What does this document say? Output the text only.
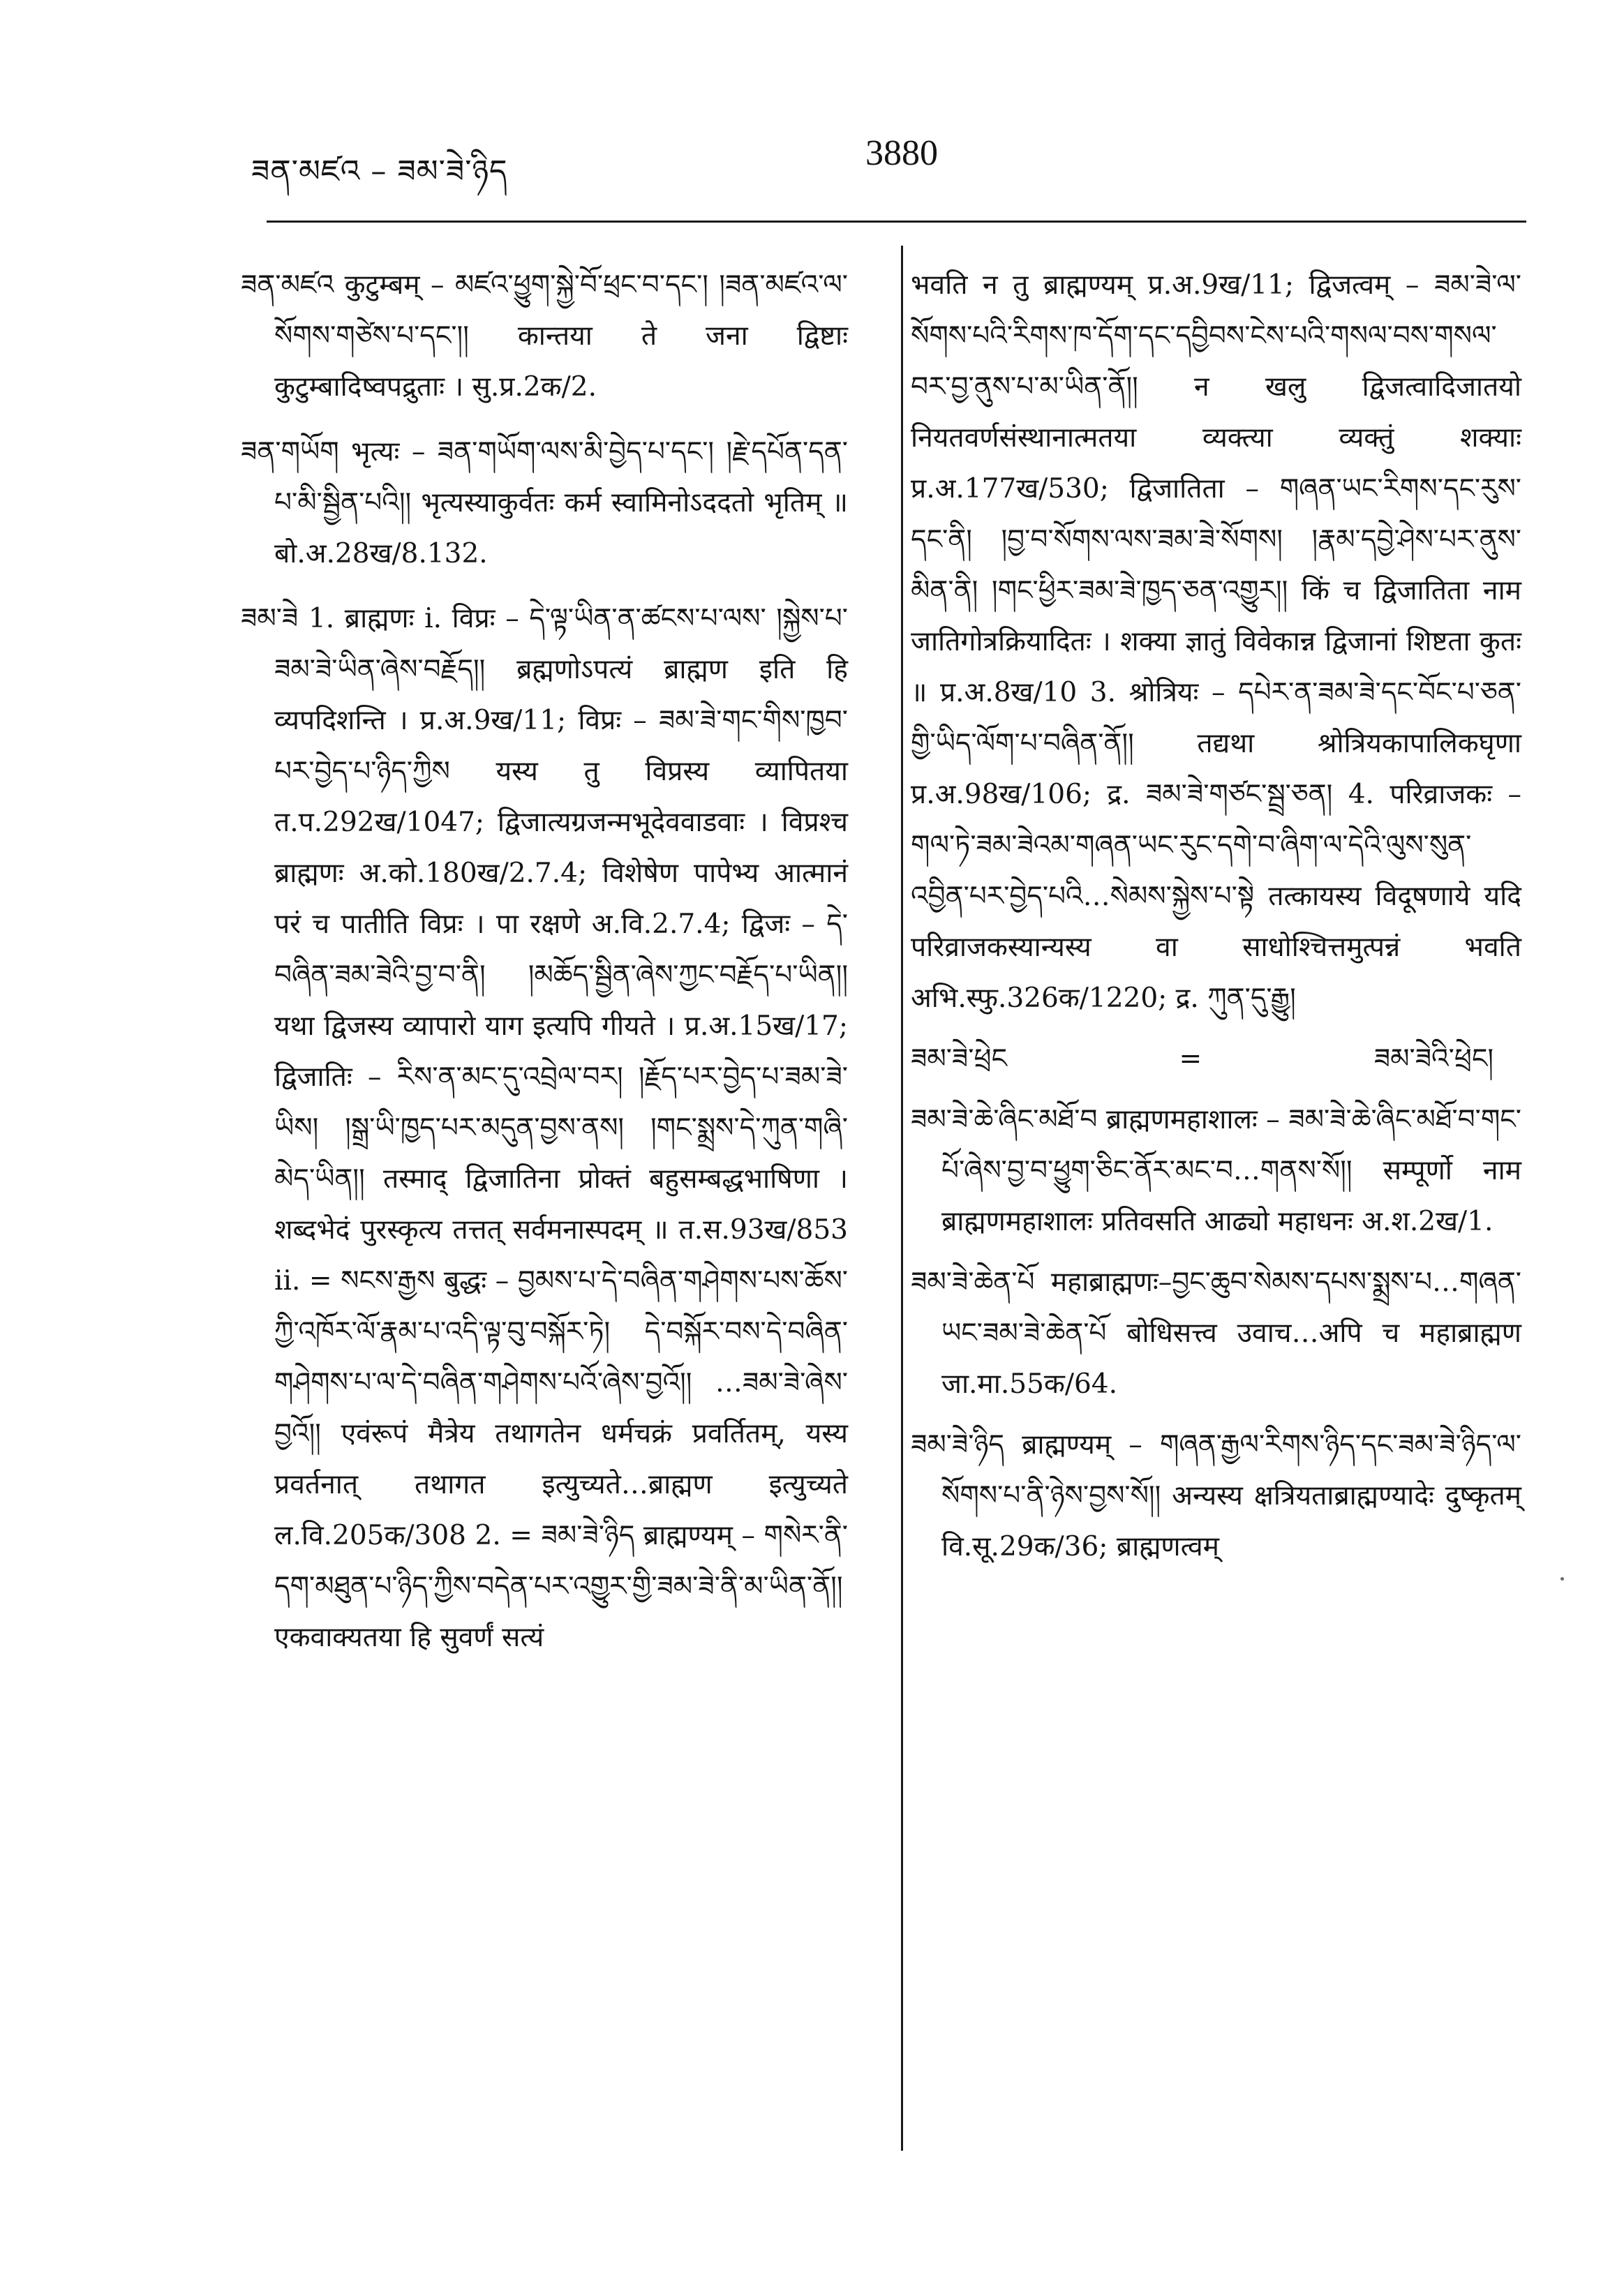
ཟན་མཛའ – ཟམ་ཟེ་ཉིད	3880

ཟན་མཛའ कुटुम्बम् – མཛའ་ཕྱུག་སྐྱེ་བོ་ཕྲང་བ་དང་། །ཟན་མཛའ་ལ་སོགས་གཙེས་པ་དང་།། कान्तया ते जना द्विष्टाः कुटुम्बादिष्वपद्रुताः । सु.प्र.2क/2.

ཟན་གཡོག भृत्यः – ཟན་གཡོག་ལས་མི་བྱེད་པ་དང་། །རྗེ་དཔོན་དན་པ་མི་སྦྱིན་པའི།། भृत्यस्याकुर्वतः कर्म स्वामिनोऽददतो भृतिम् ॥ बो.अ.28ख/8.132.

ཟམ་ཟེ 1. ब्राह्मणः i. विप्रः – དེ་ལྟ་ཡིན་ན་ཚངས་པ་ལས་ །སྐྱེས་པ་ཟམ་ཟེ་ཡིན་ཞེས་བརྗོད།། ब्रह्मणोऽपत्यं ब्राह्मण इति हि व्यपदिशन्ति । प्र.अ.9ख/11; विप्रः – ཟམ་ཟེ་གང་གིས་ཁྱབ་པར་བྱེད་པ་ཉིད་ཀྱིས यस्य तु विप्रस्य व्यापितया त.प.292ख/1047; द्विजात्यग्रजन्मभूदेववाडवाः । विप्रश्च ब्राह्मणः अ.को.180ख/2.7.4; विशेषेण पापेभ्य आत्मानं परं च पातीति विप्रः । पा रक्षणे अ.वि.2.7.4; द्विजः – དེ་བཞིན་ཟམ་ཟེའི་བྱ་བ་ནི། །མཆོད་སྦྱིན་ཞེས་ཀྱང་བརྗོད་པ་ཡིན།། यथा द्विजस्य व्यापारो याग इत्यपि गीयते । प्र.अ.15ख/17; द्विजातिः – རིས་ན་མང་དུ་འབྲེལ་བར། །རྗོད་པར་བྱེད་པ་ཟམ་ཟེ་ཡིས། །སྒྲ་ཡི་ཁྱད་པར་མདུན་བྱས་ནས། །གང་སྨྲས་དེ་ཀུན་གཞི་མེད་ཡིན།། तस्माद् द्विजातिना प्रोक्तं बहुसम्बद्धभाषिणा । शब्दभेदं पुरस्कृत्य तत्तत् सर्वमनास्पदम् ॥ त.स.93ख/853 ii. = སངས་རྒྱས बुद्धः – བྱམས་པ་དེ་བཞིན་གཤེགས་པས་ཆོས་ཀྱི་འཁོར་ལོ་རྣམ་པ་འདི་ལྟ་བུ་བསྐོར་ཏེ། དེ་བསྐོར་བས་དེ་བཞིན་གཤེགས་པ་ལ་དེ་བཞིན་གཤེགས་པའོ་ཞེས་བྱའོ།། …ཟམ་ཟེ་ཞེས་བྱའོ།། एवंरूपं मैत्रेय तथागतेन धर्मचक्रं प्रवर्तितम्, यस्य प्रवर्तनात् तथागत इत्युच्यते…ब्राह्मण इत्युच्यते ल.वि.205क/308 2. = ཟམ་ཟེ་ཉིད ब्राह्मण्यम् – གསེར་ནི་དག་མཐུན་པ་ཉིད་ཀྱིས་བདེན་པར་འགྱུར་གྱི་ཟམ་ཟེ་ནི་མ་ཡིན་ནོ།། एकवाक्यतया हि सुवर्णं सत्यं

भवति न तु ब्राह्मण्यम् प्र.अ.9ख/11; द्विजत्वम् – ཟམ་ཟེ་ལ་སོགས་པའི་རིགས་ཁ་དོག་དང་དབྱིབས་ངེས་པའི་གསལ་བས་གསལ་བར་བྱ་ནུས་པ་མ་ཡིན་ནོ།། न खलु द्विजत्वादिजातयो नियतवर्णसंस्थानात्मतया व्यक्त्या व्यक्तुं शक्याः प्र.अ.177ख/530; द्विजातिता – གཞན་ཡང་རིགས་དང་རུས་དང་ནི། །བྱ་བ་སོགས་ལས་ཟམ་ཟེ་སོགས། །རྣམ་དབྱེ་ཤེས་པར་ནུས་མིན་ནི། །གང་ཕྱིར་ཟམ་ཟེ་ཁྱད་ཅན་འགྱུར།། किं च द्विजातिता नाम जातिगोत्रक्रियादितः । शक्या ज्ञातुं विवेकान्न द्विजानां शिष्टता कुतः ॥ प्र.अ.8ख/10 3. श्रोत्रियः – དཔེར་ན་ཟམ་ཟེ་དང་བོང་པ་ཅན་གྱི་ཡིད་ལོག་པ་བཞིན་ནོ།། तद्यथा श्रोत्रियकापालिकघृणा प्र.अ.98ख/106; द्र. ཟམ་ཟེ་གཙང་སྦྲ་ཅན། 4. परिव्राजकः – གལ་ཏེ་ཟམ་ཟེའམ་གཞན་ཡང་རུང་དགེ་བ་ཞིག་ལ་དེའི་ལུས་སུན་འབྱིན་པར་བྱེད་པའི…སེམས་སྐྱེས་པ་སྟེ तत्कायस्य विदूषणाये यदि परिव्राजकस्यान्यस्य वा साधोश्चित्तमुत्पन्नं भवति अभि.स्फु.326क/1220; द्र. ཀུན་དུ་རྒྱུ།

ཟམ་ཟེ་ཕྲེང	=	ཟམ་ཟེའི་ཕྲེང།

ཟམ་ཟེ་ཆེ་ཞིང་མཐོ་བ ब्राह्मणमहाशालः – ཟམ་ཟེ་ཆེ་ཞིང་མཐོ་བ་གང་པོ་ཞེས་བྱ་བ་ཕྱུག་ཅིང་ནོར་མང་བ…གནས་སོ།། सम्पूर्णो नाम ब्राह्मणमहाशालः प्रतिवसति आढ्यो महाधनः अ.श.2ख/1.

ཟམ་ཟེ་ཆེན་པོ महाब्राह्मणः–བྱང་ཆུབ་སེམས་དཔས་སྨྲས་པ…གཞན་ཡང་ཟམ་ཟེ་ཆེན་པོ बोधिसत्त्व उवाच…अपि च महाब्राह्मण जा.मा.55क/64.

ཟམ་ཟེ་ཉིད ब्राह्मण्यम् – གཞན་རྒྱལ་རིགས་ཉིད་དང་ཟམ་ཟེ་ཉིད་ལ་སོགས་པ་ནི་ཉེས་བྱས་སོ།། अन्यस्य क्षत्रियताब्राह्मण्यादेः दुष्कृतम् वि.सू.29क/36; ब्राह्मणत्वम्
